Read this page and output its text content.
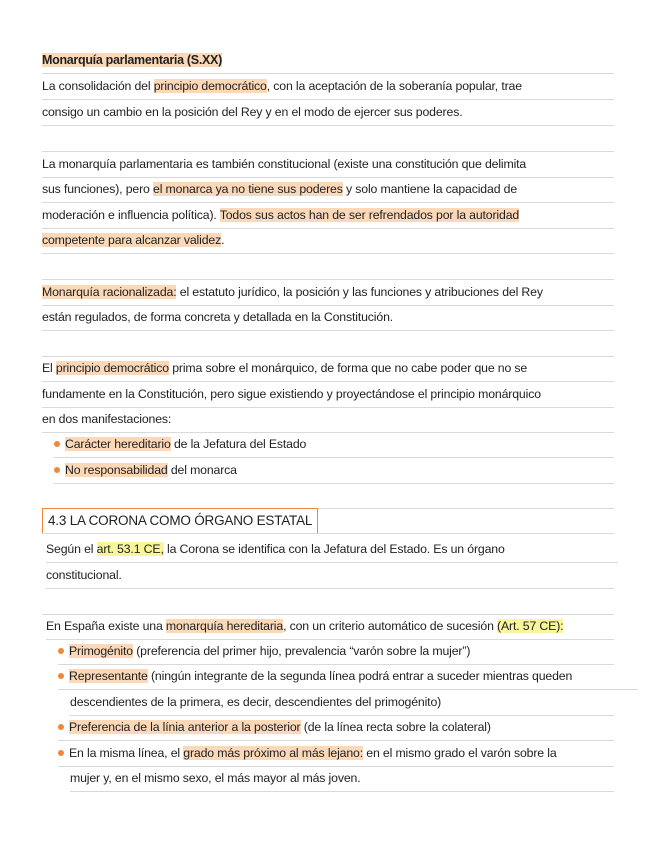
Monarquía parlamentaria (S.XX)
La consolidación del principio democrático, con la aceptación de la soberanía popular, trae
consigo un cambio en la posición del Rey y en el modo de ejercer sus poderes.
La monarquía parlamentaria es también constitucional (existe una constitución que delimita
sus funciones), pero el monarca ya no tiene sus poderes y solo mantiene la capacidad de
moderación e influencia política). Todos sus actos han de ser refrendados por la autoridad
competente para alcanzar validez.
Monarquía racionalizada: el estatuto jurídico, la posición y las funciones y atribuciones del Rey
están regulados, de forma concreta y detallada en la Constitución.
El principio democrático prima sobre el monárquico, de forma que no cabe poder que no se
fundamente en la Constitución, pero sigue existiendo y proyectándose el principio monárquico
en dos manifestaciones:
Carácter hereditario de la Jefatura del Estado
No responsabilidad del monarca
4.3 LA CORONA COMO ÓRGANO ESTATAL
Según el art. 53.1 CE, la Corona se identifica con la Jefatura del Estado. Es un órgano
constitucional.
En España existe una monarquía hereditaria, con un criterio automático de sucesión (Art. 57 CE):
Primogénito (preferencia del primer hijo, prevalencia “varón sobre la mujer”)
Representante (ningún integrante de la segunda línea podrá entrar a suceder mientras queden
descendientes de la primera, es decir, descendientes del primogénito)
Preferencia de la línia anterior a la posterior (de la línea recta sobre la colateral)
En la misma línea, el grado más próximo al más lejano: en el mismo grado el varón sobre la
mujer y, en el mismo sexo, el más mayor al más joven.
